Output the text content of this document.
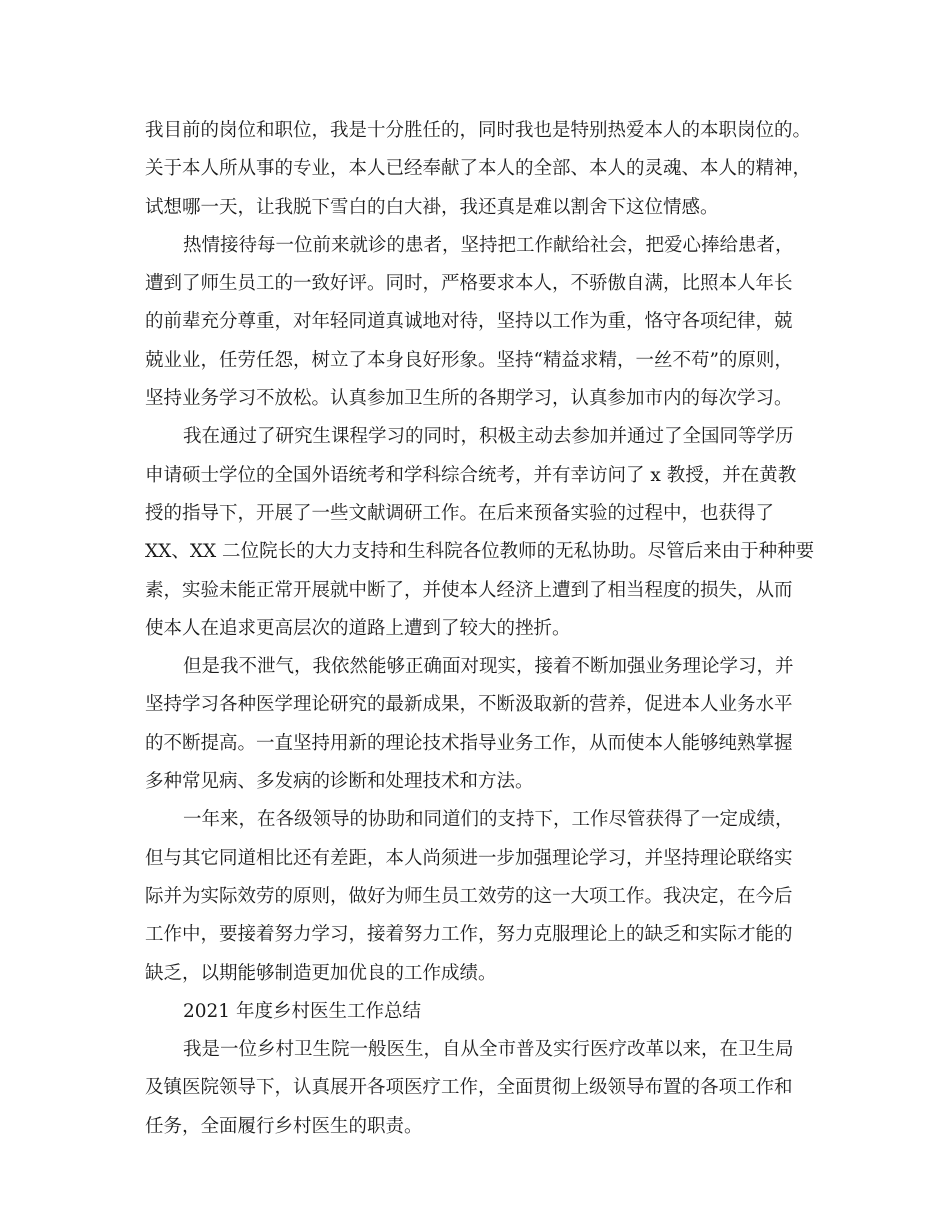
我目前的岗位和职位，我是十分胜任的，同时我也是特别热爱本人的本职岗位的。
关于本人所从事的专业，本人已经奉献了本人的全部、本人的灵魂、本人的精神，
试想哪一天，让我脱下雪白的白大褂，我还真是难以割舍下这位情感。
热情接待每一位前来就诊的患者，坚持把工作献给社会，把爱心捧给患者，
遭到了师生员工的一致好评。同时，严格要求本人，不骄傲自满，比照本人年长
的前辈充分尊重，对年轻同道真诚地对待，坚持以工作为重，恪守各项纪律，兢
兢业业，任劳任怨，树立了本身良好形象。坚持“精益求精，一丝不苟”的原则，
坚持业务学习不放松。认真参加卫生所的各期学习，认真参加市内的每次学习。
我在通过了研究生课程学习的同时，积极主动去参加并通过了全国同等学历
申请硕士学位的全国外语统考和学科综合统考，并有幸访问了 x 教授，并在黄教
授的指导下，开展了一些文献调研工作。在后来预备实验的过程中，也获得了
XX、XX 二位院长的大力支持和生科院各位教师的无私协助。尽管后来由于种种要
素，实验未能正常开展就中断了，并使本人经济上遭到了相当程度的损失，从而
使本人在追求更高层次的道路上遭到了较大的挫折。
但是我不泄气，我依然能够正确面对现实，接着不断加强业务理论学习，并
坚持学习各种医学理论研究的最新成果，不断汲取新的营养，促进本人业务水平
的不断提高。一直坚持用新的理论技术指导业务工作，从而使本人能够纯熟掌握
多种常见病、多发病的诊断和处理技术和方法。
一年来，在各级领导的协助和同道们的支持下，工作尽管获得了一定成绩，
但与其它同道相比还有差距，本人尚须进一步加强理论学习，并坚持理论联络实
际并为实际效劳的原则，做好为师生员工效劳的这一大项工作。我决定，在今后
工作中，要接着努力学习，接着努力工作，努力克服理论上的缺乏和实际才能的
缺乏，以期能够制造更加优良的工作成绩。
2021 年度乡村医生工作总结
我是一位乡村卫生院一般医生，自从全市普及实行医疗改革以来，在卫生局
及镇医院领导下，认真展开各项医疗工作，全面贯彻上级领导布置的各项工作和
任务，全面履行乡村医生的职责。
